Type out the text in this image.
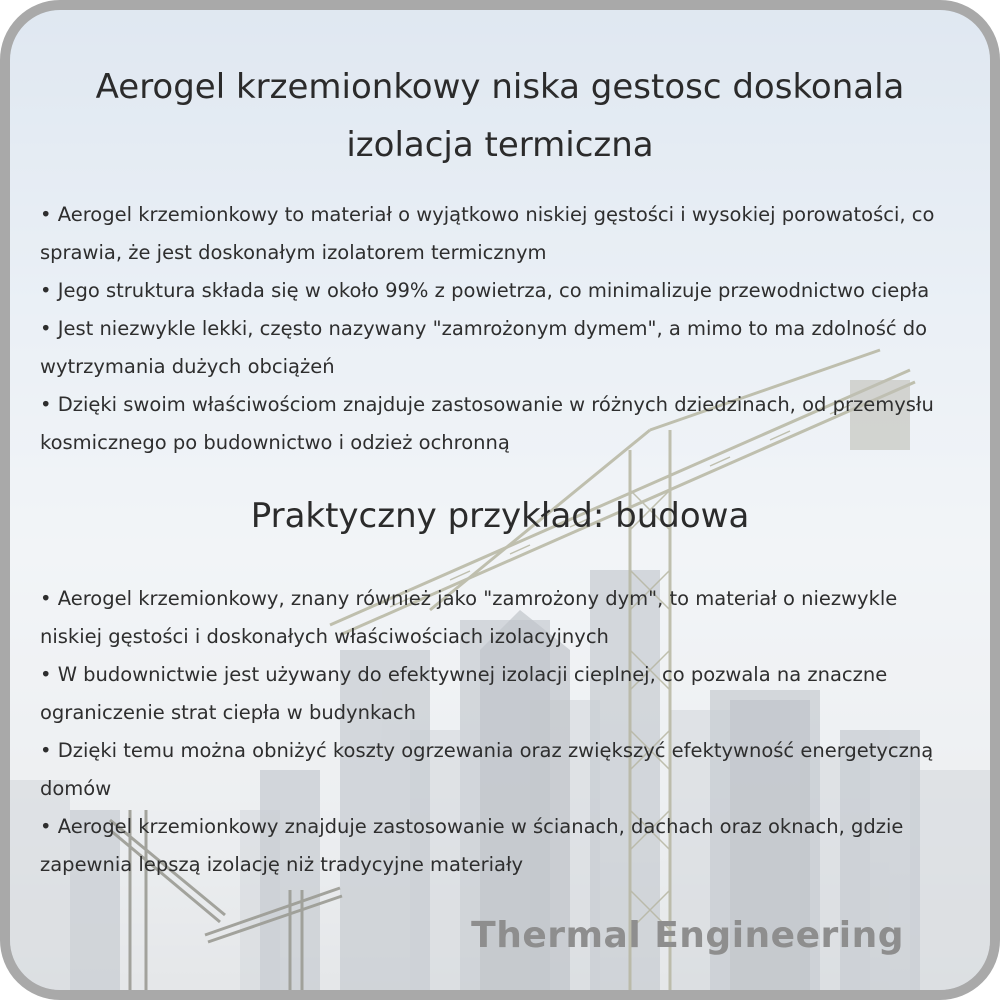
Aerogel krzemionkowy niska gestosc doskonala izolacja termiczna

• Aerogel krzemionkowy to materiał o wyjątkowo niskiej gęstości i wysokiej porowatości, co sprawia, że jest doskonałym izolatorem termicznym

• Jego struktura składa się w około 99% z powietrza, co minimalizuje przewodnictwo ciepła

• Jest niezwykle lekki, często nazywany "zamrożonym dymem", a mimo to ma zdolność do wytrzymania dużych obciążeń

• Dzięki swoim właściwościom znajduje zastosowanie w różnych dziedzinach, od przemysłu kosmicznego po budownictwo i odzież ochronną

Praktyczny przykład: budowa

• Aerogel krzemionkowy, znany również jako "zamrożony dym", to materiał o niezwykle niskiej gęstości i doskonałych właściwościach izolacyjnych

• W budownictwie jest używany do efektywnej izolacji cieplnej, co pozwala na znaczne ograniczenie strat ciepła w budynkach

• Dzięki temu można obniżyć koszty ogrzewania oraz zwiększyć efektywność energetyczną domów

• Aerogel krzemionkowy znajduje zastosowanie w ścianach, dachach oraz oknach, gdzie zapewnia lepszą izolację niż tradycyjne materiały

Thermal Engineering
